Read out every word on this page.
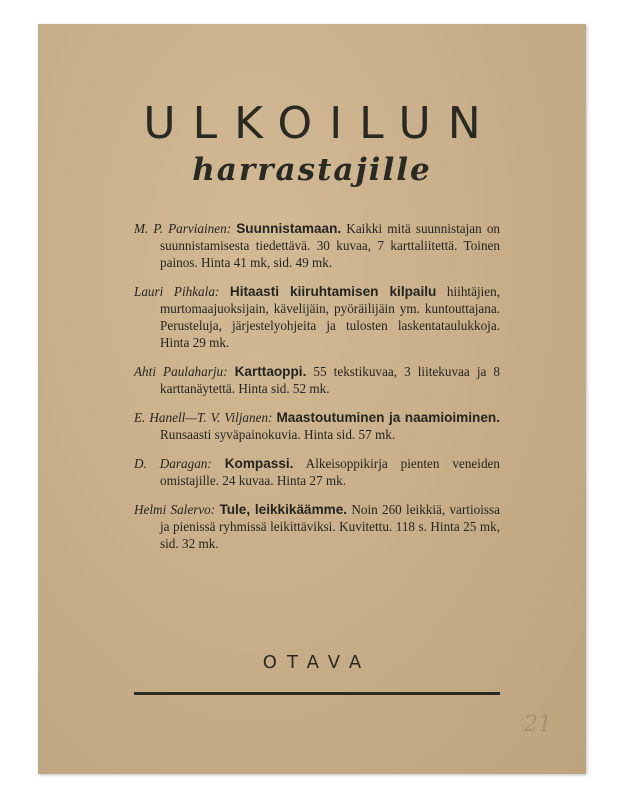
ULKOILUN
harrastajille

M. P. Parviainen: Suunnistamaan. Kaikki mitä suunnistajan on suunnistamisesta tiedettävä. 30 kuvaa, 7 karttaliitettä. Toinen painos. Hinta 41 mk, sid. 49 mk.

Lauri Pihkala: Hitaasti kiiruhtamisen kilpailu hiihtäjien, murtomaajuoksijain, kävelijäin, pyöräilijäin ym. kuntouttajana. Perusteluja, järjestelyohjeita ja tulosten laskentataulukkoja. Hinta 29 mk.

Ahti Paulaharju: Karttaoppi. 55 tekstikuvaa, 3 liitekuvaa ja 8 karttanäytettä. Hinta sid. 52 mk.

E. Hanell—T. V. Viljanen: Maastoutuminen ja naamioiminen. Runsaasti syväpainokuvia. Hinta sid. 57 mk.

D. Daragan: Kompassi. Alkeisoppikirja pienten veneiden omistajille. 24 kuvaa. Hinta 27 mk.

Helmi Salervo: Tule, leikkikäämme. Noin 260 leikkiä, vartioissa ja pienissä ryhmissä leikittäviksi. Kuvitettu. 118 s. Hinta 25 mk, sid. 32 mk.

OTAVA
21
